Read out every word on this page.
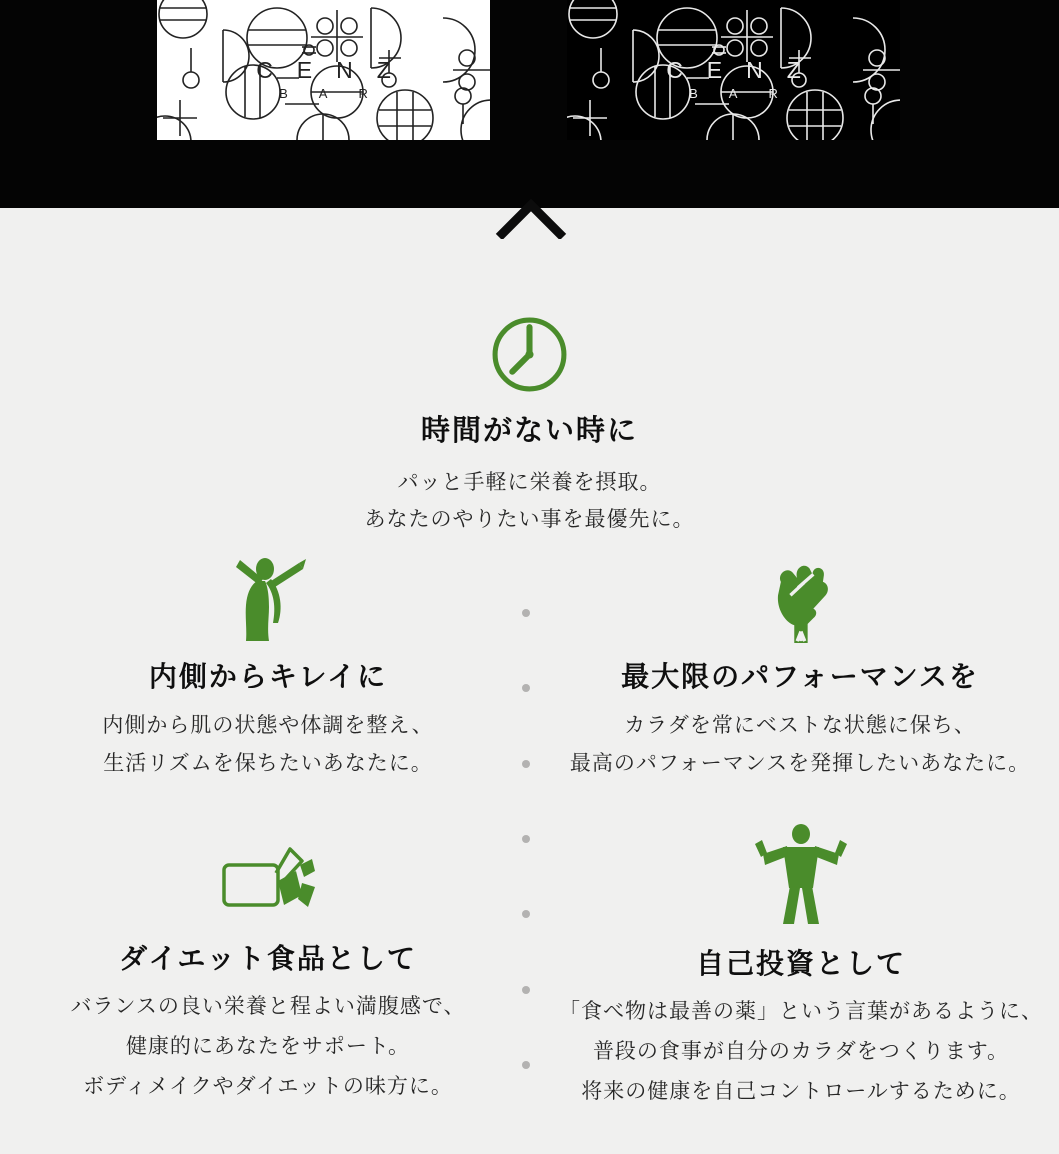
CENZ
BAR
CENZ
BAR
時間がない時に
パッと手軽に栄養を摂取。
あなたのやりたい事を最優先に。
内側からキレイに
内側から肌の状態や体調を整え、
生活リズムを保ちたいあなたに。
最大限のパフォーマンスを
カラダを常にベストな状態に保ち、
最高のパフォーマンスを発揮したいあなたに。
ダイエット食品として
バランスの良い栄養と程よい満腹感で、
健康的にあなたをサポート。
ボディメイクやダイエットの味方に。
自己投資として
「食べ物は最善の薬」という言葉があるように、
普段の食事が自分のカラダをつくります。
将来の健康を自己コントロールするために。
